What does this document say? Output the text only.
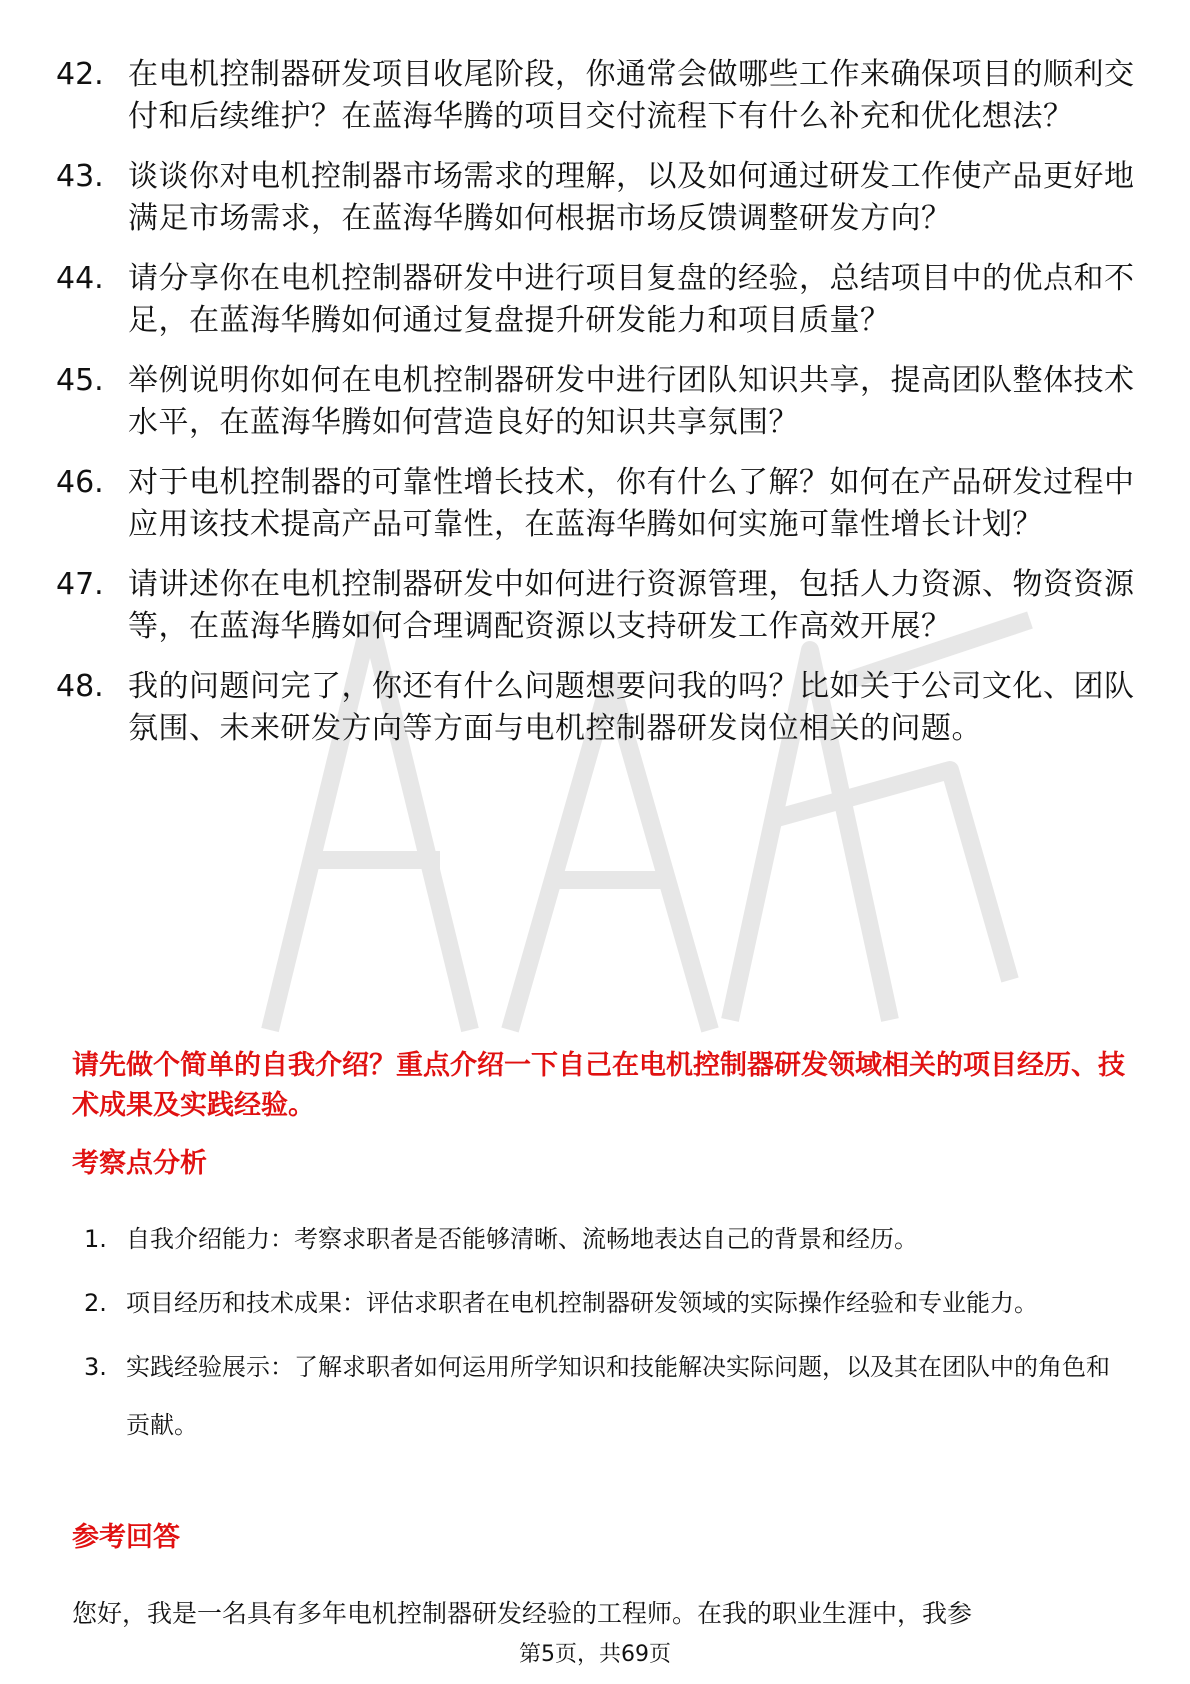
42. 在电机控制器研发项目收尾阶段，你通常会做哪些工作来确保项目的顺利交付和后续维护？在蓝海华腾的项目交付流程下有什么补充和优化想法？
43. 谈谈你对电机控制器市场需求的理解，以及如何通过研发工作使产品更好地满足市场需求，在蓝海华腾如何根据市场反馈调整研发方向？
44. 请分享你在电机控制器研发中进行项目复盘的经验，总结项目中的优点和不足，在蓝海华腾如何通过复盘提升研发能力和项目质量？
45. 举例说明你如何在电机控制器研发中进行团队知识共享，提高团队整体技术水平，在蓝海华腾如何营造良好的知识共享氛围？
46. 对于电机控制器的可靠性增长技术，你有什么了解？如何在产品研发过程中应用该技术提高产品可靠性，在蓝海华腾如何实施可靠性增长计划？
47. 请讲述你在电机控制器研发中如何进行资源管理，包括人力资源、物资资源等，在蓝海华腾如何合理调配资源以支持研发工作高效开展？
48. 我的问题问完了，你还有什么问题想要问我的吗？比如关于公司文化、团队氛围、未来研发方向等方面与电机控制器研发岗位相关的问题。
请先做个简单的自我介绍？重点介绍一下自己在电机控制器研发领域相关的项目经历、技术成果及实践经验。
考察点分析
1. 自我介绍能力：考察求职者是否能够清晰、流畅地表达自己的背景和经历。
2. 项目经历和技术成果：评估求职者在电机控制器研发领域的实际操作经验和专业能力。
3. 实践经验展示：了解求职者如何运用所学知识和技能解决实际问题，以及其在团队中的角色和贡献。
参考回答
您好，我是一名具有多年电机控制器研发经验的工程师。在我的职业生涯中，我参
第5页，共69页
